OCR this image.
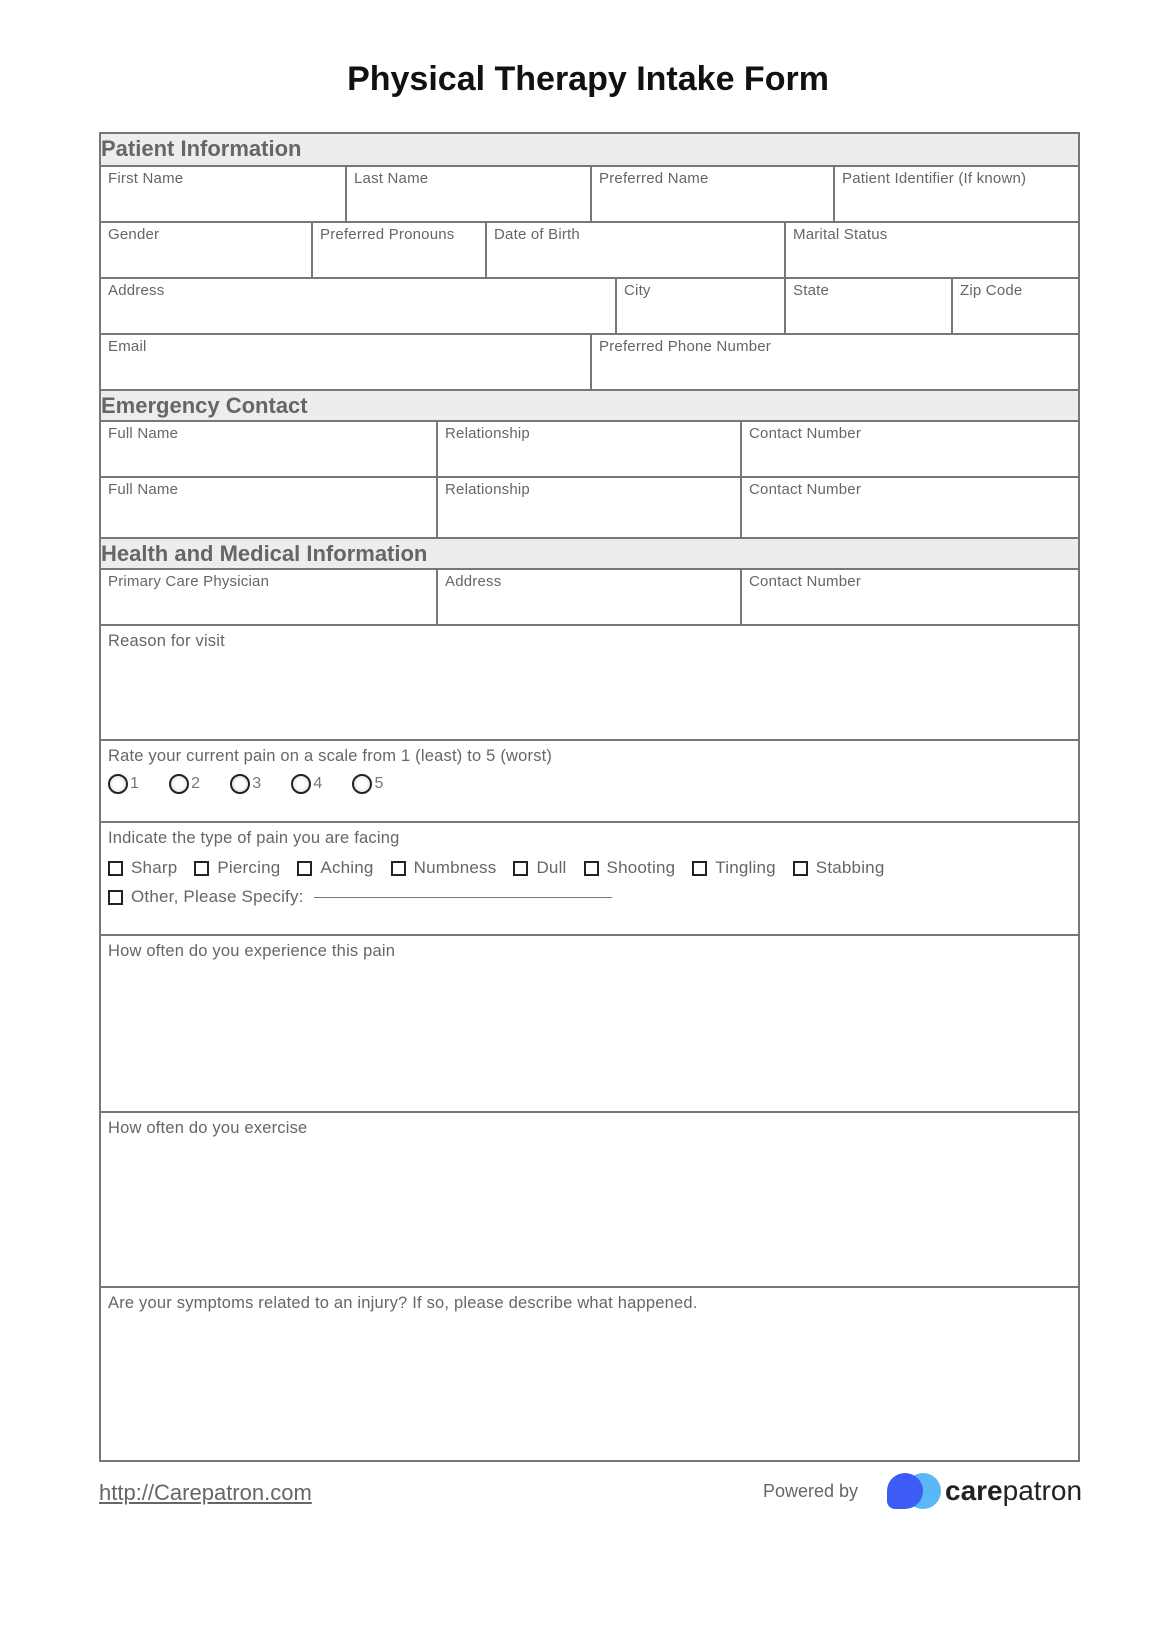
Physical Therapy Intake Form
Patient Information
First Name	Last Name	Preferred Name	Patient Identifier (If known)
Gender	Preferred Pronouns	Date of Birth	Marital Status
Address	City	State	Zip Code
Email	Preferred Phone Number
Emergency Contact
Full Name	Relationship	Contact Number
Full Name	Relationship	Contact Number
Health and Medical Information
Primary Care Physician	Address	Contact Number
Reason for visit
Rate your current pain on a scale from 1 (least) to 5 (worst)
1	2	3	4	5
Indicate the type of pain you are facing
Sharp Piercing Aching Numbness Dull Shooting Tingling Stabbing
Other, Please Specify:
How often do you experience this pain
How often do you exercise
Are your symptoms related to an injury? If so, please describe what happened.
http://Carepatron.com	Powered by	carepatron
